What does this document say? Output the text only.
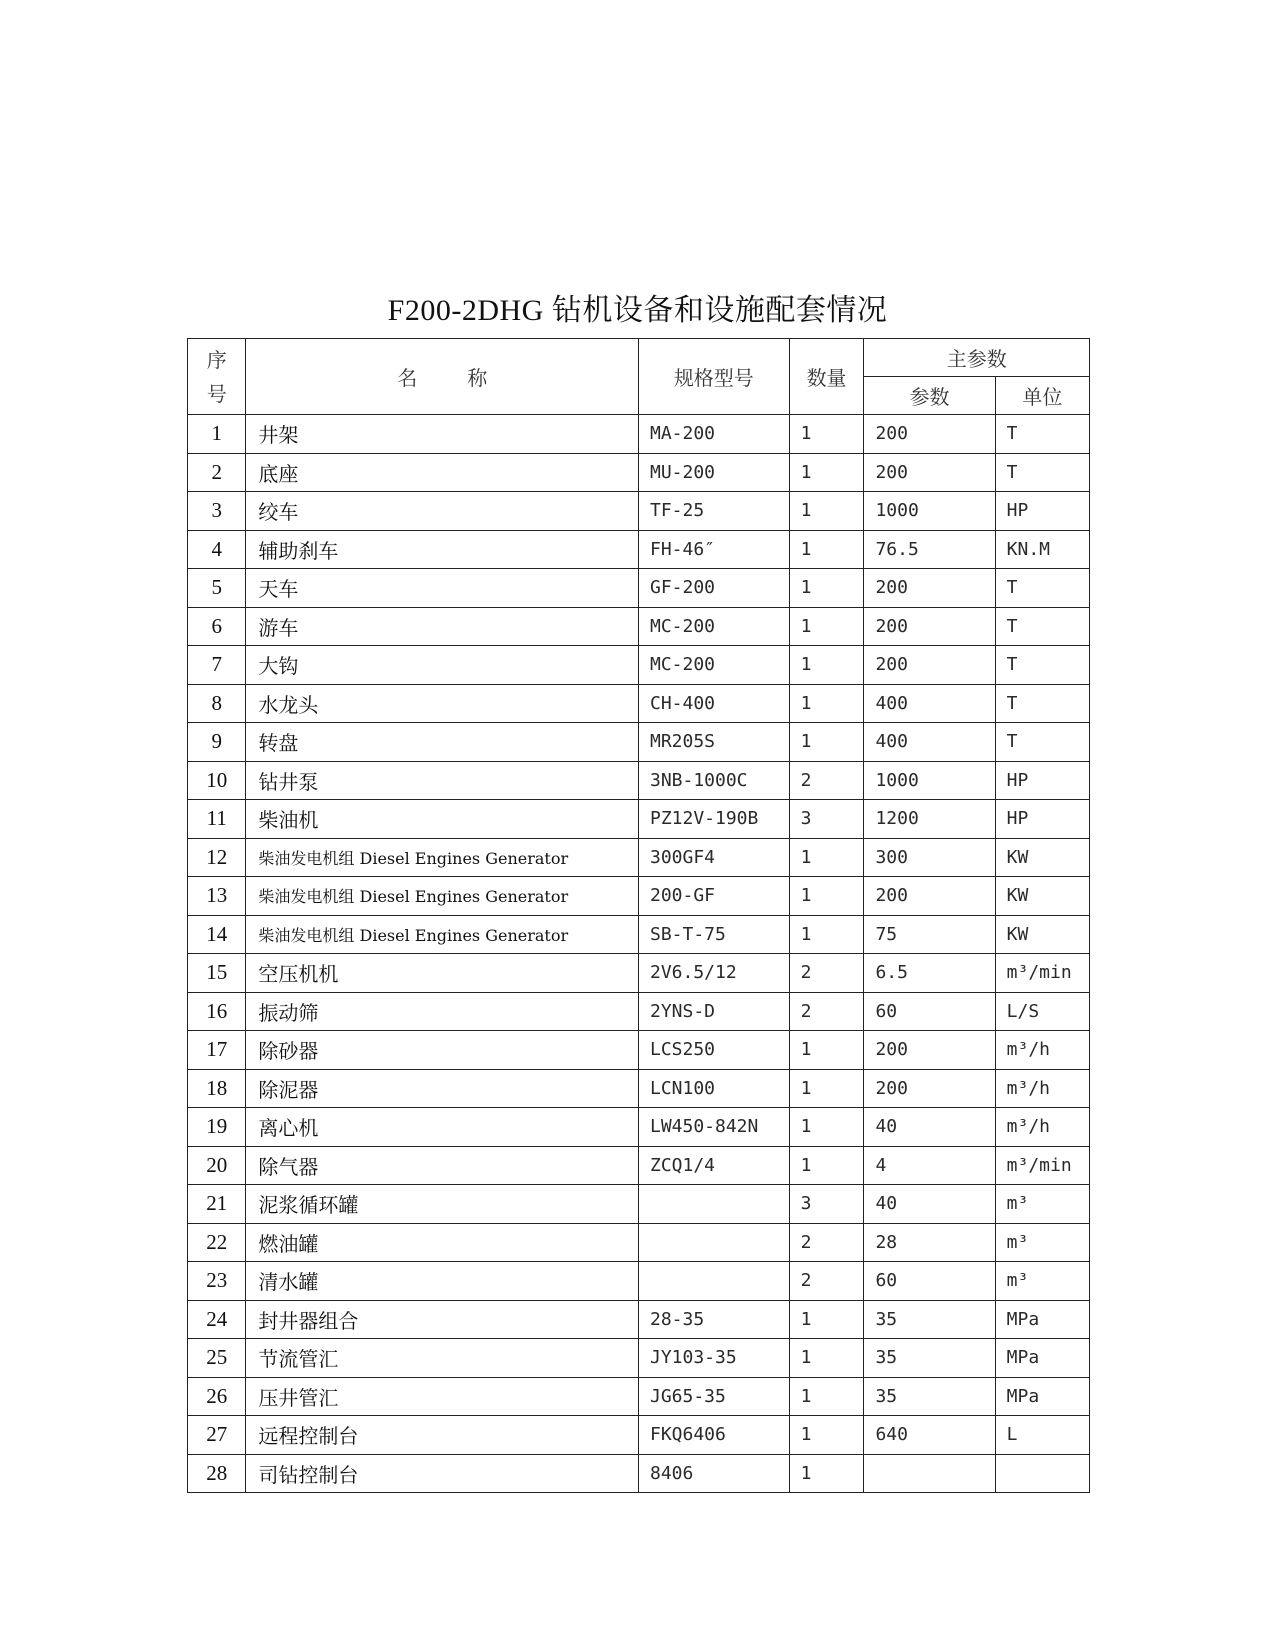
F200-2DHG 钻机设备和设施配套情况
序
号	名 称	规格型号	数量	主参数	
				参数	单位
1	井架	MA-200	1	200	T
2	底座	MU-200	1	200	T
3	绞车	TF-25	1	1000	HP
4	辅助刹车	FH-46″	1	76.5	KN.M
5	天车	GF-200	1	200	T
6	游车	MC-200	1	200	T
7	大钩	MC-200	1	200	T
8	水龙头	CH-400	1	400	T
9	转盘	MR205S	1	400	T
10	钻井泵	3NB-1000C	2	1000	HP
11	柴油机	PZ12V-190B	3	1200	HP
12	柴油发电机组 Diesel Engines Generator	300GF4	1	300	KW
13	柴油发电机组 Diesel Engines Generator	200-GF	1	200	KW
14	柴油发电机组 Diesel Engines Generator	SB-T-75	1	75	KW
15	空压机机	2V6.5/12	2	6.5	m³/min
16	振动筛	2YNS-D	2	60	L/S
17	除砂器	LCS250	1	200	m³/h
18	除泥器	LCN100	1	200	m³/h
19	离心机	LW450-842N	1	40	m³/h
20	除气器	ZCQ1/4	1	4	m³/min
21	泥浆循环罐		3	40	m³
22	燃油罐		2	28	m³
23	清水罐		2	60	m³
24	封井器组合	28-35	1	35	MPa
25	节流管汇	JY103-35	1	35	MPa
26	压井管汇	JG65-35	1	35	MPa
27	远程控制台	FKQ6406	1	640	L
28	司钻控制台	8406	1		
